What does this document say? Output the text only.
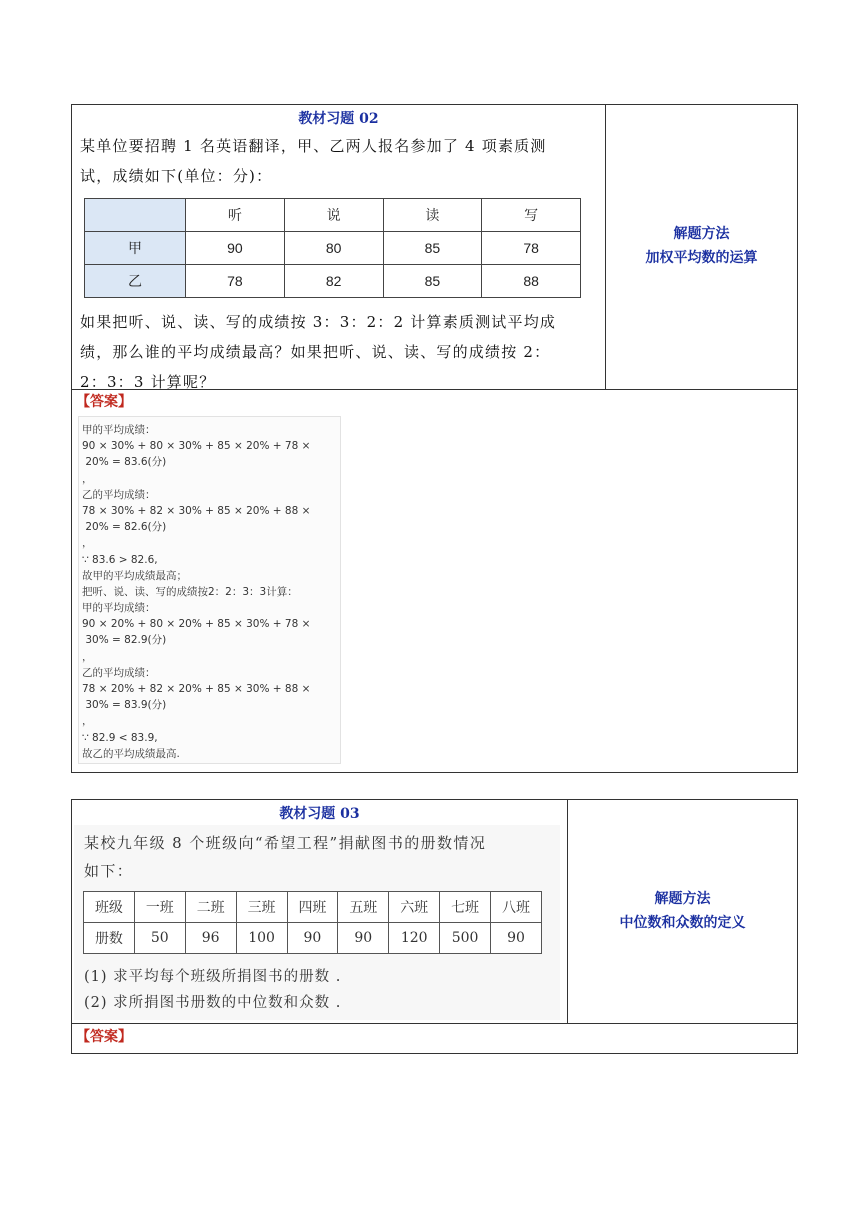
教材习题 02
某单位要招聘 1 名英语翻译，甲、乙两人报名参加了 4 项素质测
试，成绩如下(单位：分)：
	听	说	读	写
甲	90	80	85	78
乙	78	82	85	88
如果把听、说、读、写的成绩按 3：3：2：2 计算素质测试平均成
绩，那么谁的平均成绩最高？如果把听、说、读、写的成绩按 2：
2：3：3 计算呢？
解题方法
加权平均数的运算
【答案】
甲的平均成绩：
90 × 30% + 80 × 30% + 85 × 20% + 78 ×
20% = 83.6(分)
，
乙的平均成绩：
78 × 30% + 82 × 30% + 85 × 20% + 88 ×
20% = 82.6(分)
，
∵ 83.6 > 82.6,
故甲的平均成绩最高；
把听、说、读、写的成绩按2：2：3：3计算：
甲的平均成绩：
90 × 20% + 80 × 20% + 85 × 30% + 78 ×
30% = 82.9(分)
，
乙的平均成绩：
78 × 20% + 82 × 20% + 85 × 30% + 88 ×
30% = 83.9(分)
，
∵ 82.9 < 83.9,
故乙的平均成绩最高.
教材习题 03
某校九年级 8 个班级向“希望工程”捐献图书的册数情况
如下：
班级	一班	二班	三班	四班	五班	六班	七班	八班
册数	50	96	100	90	90	120	500	90
(1) 求平均每个班级所捐图书的册数 .
(2) 求所捐图书册数的中位数和众数 .
解题方法
中位数和众数的定义
【答案】
